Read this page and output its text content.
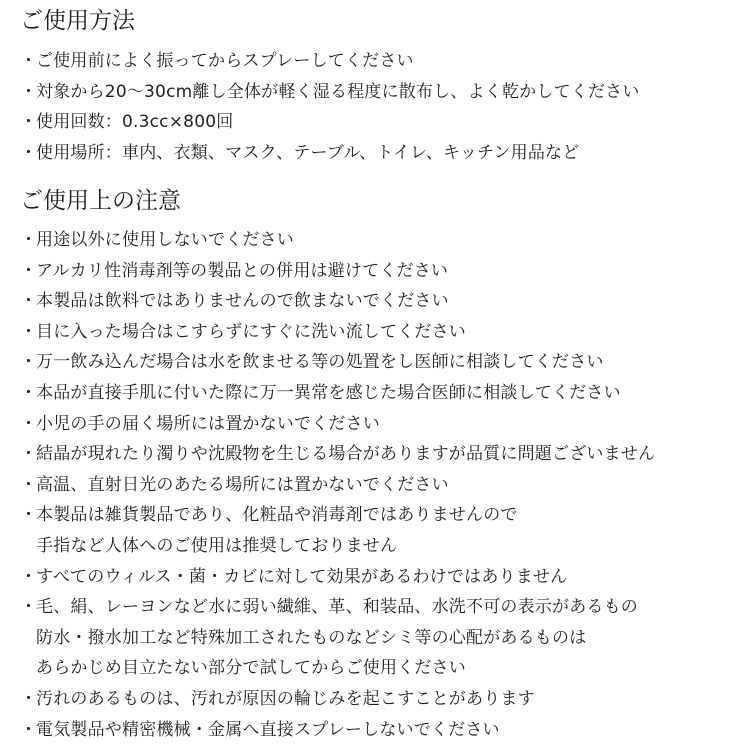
ご使用方法
・
ご使用前によく振ってからスプレーしてください
・
対象から20～30cm離し全体が軽く湿る程度に散布し、よく乾かしてください
・
使用回数：0.3cc×800回
・
使用場所：車内、衣類、マスク、テーブル、トイレ、キッチン用品など
ご使用上の注意
・
用途以外に使用しないでください
・
アルカリ性消毒剤等の製品との併用は避けてください
・
本製品は飲料ではありませんので飲まないでください
・
目に入った場合はこすらずにすぐに洗い流してください
・
万一飲み込んだ場合は水を飲ませる等の処置をし医師に相談してください
・
本品が直接手肌に付いた際に万一異常を感じた場合医師に相談してください
・
小児の手の届く場所には置かないでください
・
結晶が現れたり濁りや沈殿物を生じる場合がありますが品質に問題ございません
・
高温、直射日光のあたる場所には置かないでください
・
本製品は雑貨製品であり、化粧品や消毒剤ではありませんので
手指など人体へのご使用は推奨しておりません
・
すべてのウィルス・菌・カビに対して効果があるわけではありません
・
毛、絹、レーヨンなど水に弱い繊維、革、和装品、水洗不可の表示があるもの
防水・撥水加工など特殊加工されたものなどシミ等の心配があるものは
あらかじめ目立たない部分で試してからご使用ください
・
汚れのあるものは、汚れが原因の輪じみを起こすことがあります
・
電気製品や精密機械・金属へ直接スプレーしないでください
